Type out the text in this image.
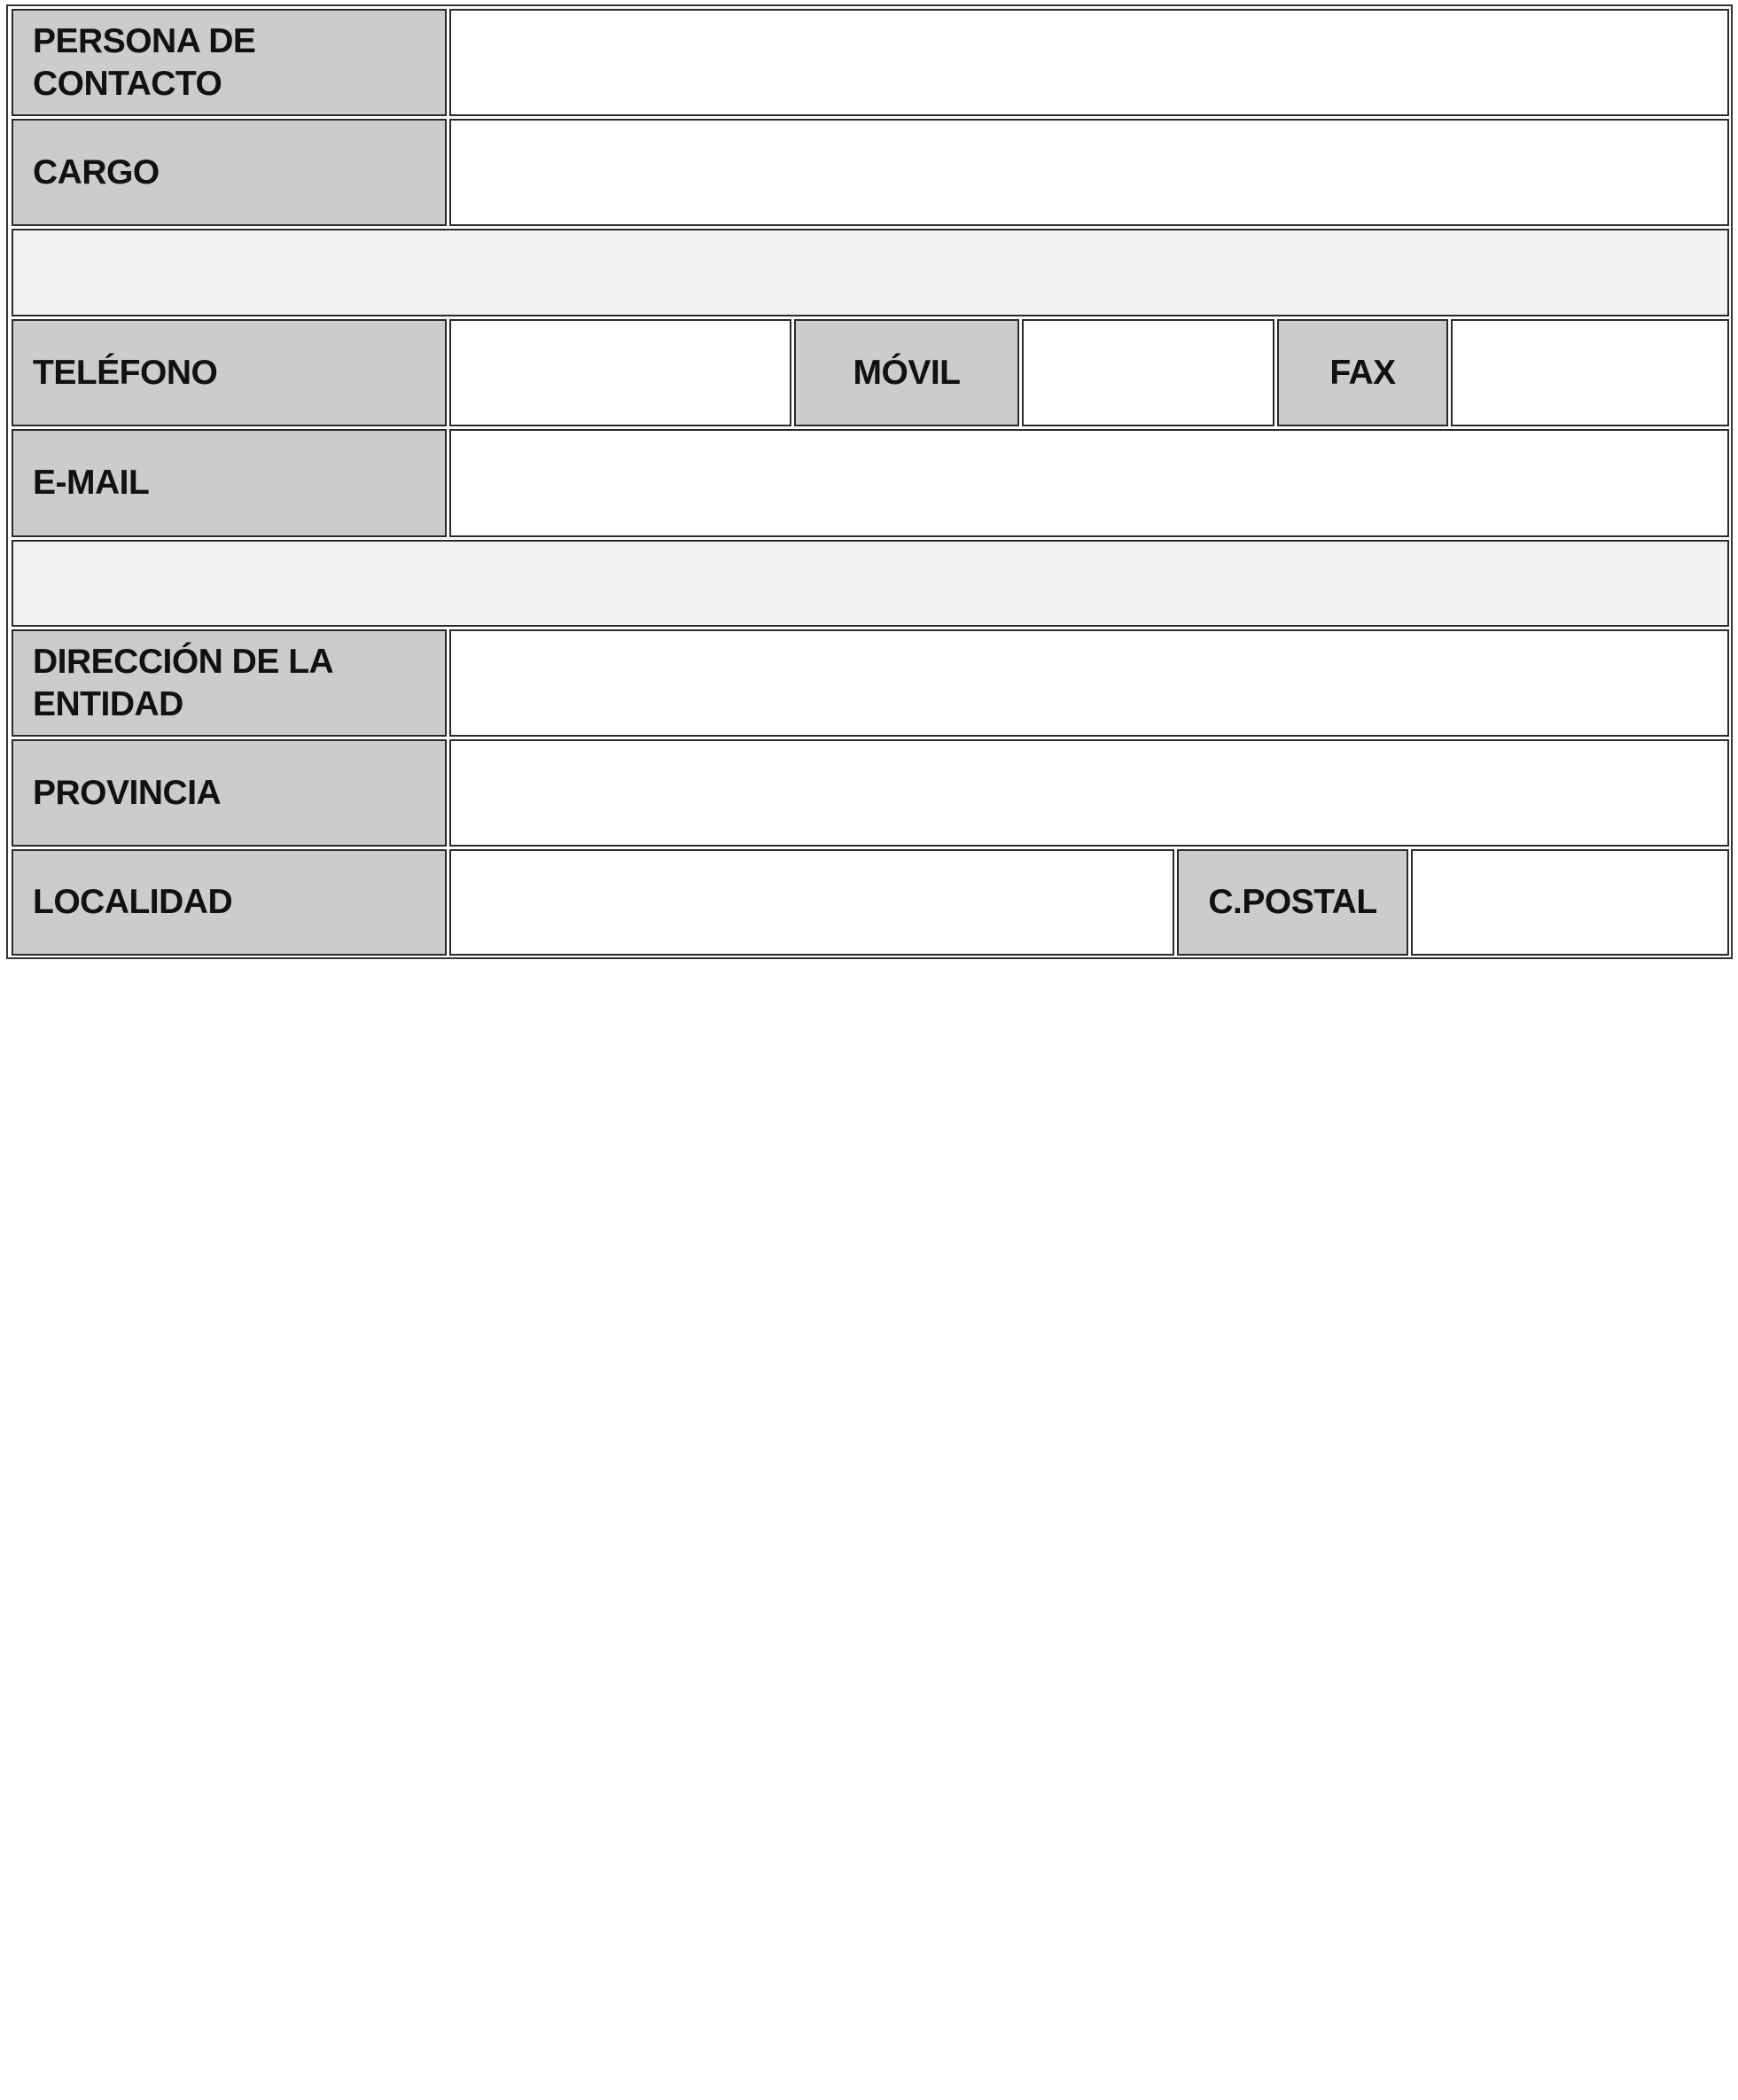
PERSONA DE CONTACTO
CARGO
TELÉFONO	MÓVIL	FAX
E-MAIL
DIRECCIÓN DE LA
ENTIDAD
PROVINCIA
LOCALIDAD	C.POSTAL
